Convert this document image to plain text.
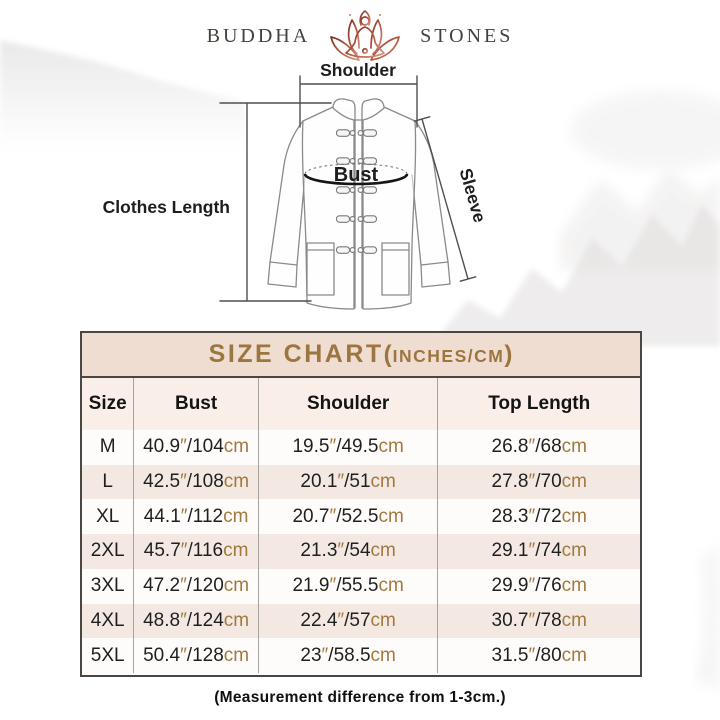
BUDDHA	STONES
Shoulder
Clothes Length
Bust	Sleeve
SIZE CHART (INCHES/CM)
Size	Bust	Shoulder	Top Length
M	40.9″/104cm	19.5″/49.5cm	26.8″/68cm
L	42.5″/108cm	20.1″/51cm	27.8″/70cm
XL	44.1″/112cm	20.7″/52.5cm	28.3″/72cm
2XL	45.7″/116cm	21.3″/54cm	29.1″/74cm
3XL	47.2″/120cm	21.9″/55.5cm	29.9″/76cm
4XL	48.8″/124cm	22.4″/57cm	30.7″/78cm
5XL	50.4″/128cm	23″/58.5cm	31.5″/80cm
(Measurement difference from 1-3cm.)
